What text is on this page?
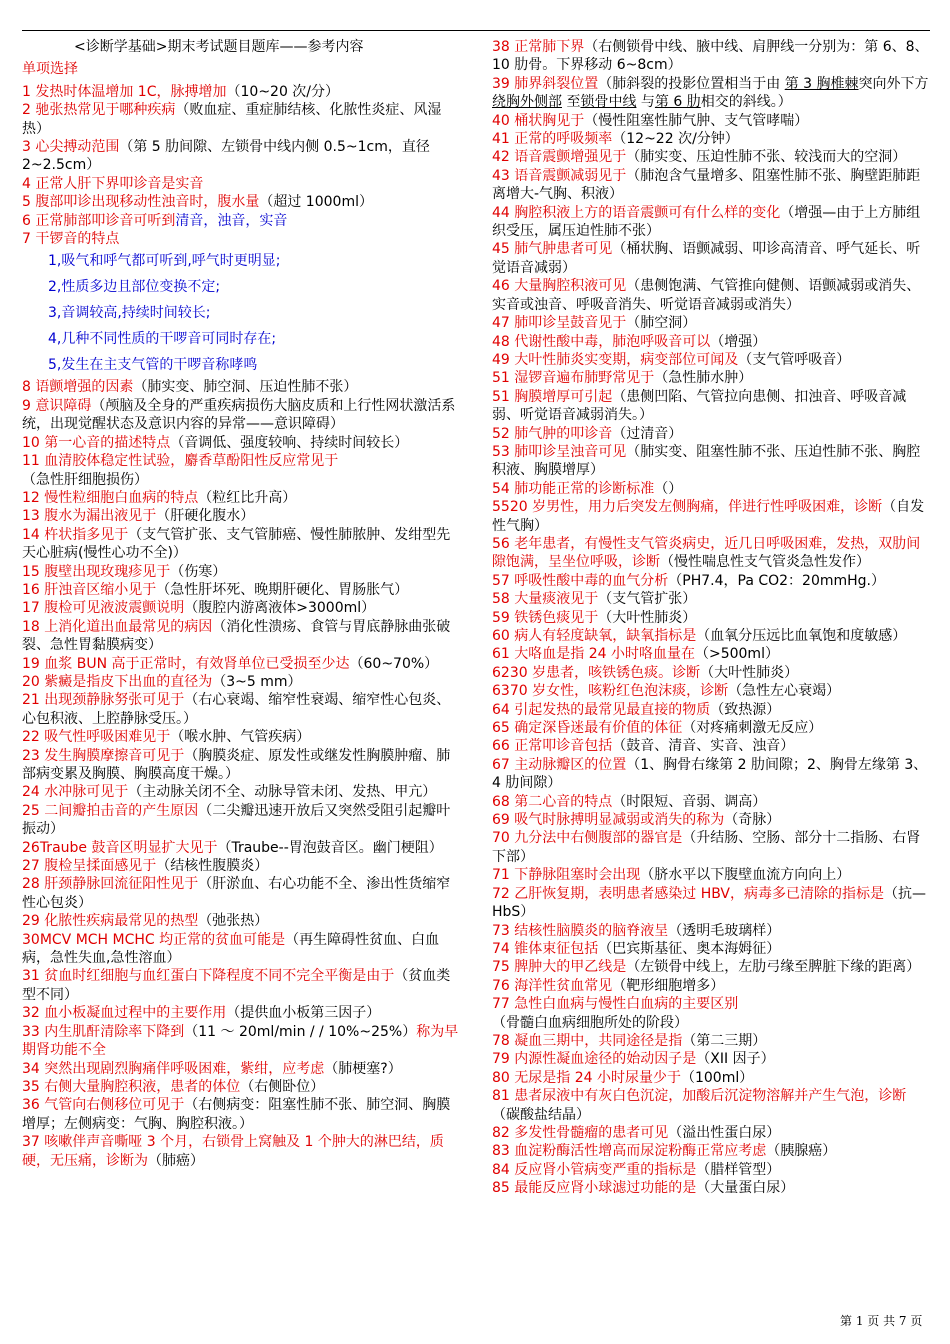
<诊断学基础>期末考试题目题库——参考内容
单项选择
1 发热时体温增加 1C，脉搏增加（10~20 次/分）
2 驰张热常见于哪种疾病（败血症、重症肺结核、化脓性炎症、风湿热）
3 心尖搏动范围（第 5 肋间隙、左锁骨中线内侧 0.5~1cm，直径 2~2.5cm）
4 正常人肝下界叩诊音是实音
5 腹部叩诊出现移动性浊音时，腹水量（超过 1000ml）
6 正常肺部叩诊音可听到清音，浊音，实音
7 干锣音的特点
1,吸气和呼气都可听到,呼气时更明显;
2,性质多边且部位变换不定;
3,音调较高,持续时间较长;
4,几种不同性质的干啰音可同时存在;
5,发生在主支气管的干啰音称哮鸣
8 语颤增强的因素（肺实变、肺空洞、压迫性肺不张）
9 意识障碍（颅脑及全身的严重疾病损伤大脑皮质和上行性网状激活系统，出现觉醒状态及意识内容的异常——意识障碍）
10 第一心音的描述特点（音调低、强度较响、持续时间较长）
11 血清胶体稳定性试验，麝香草酚阳性反应常见于（急性肝细胞损伤）
12 慢性粒细胞白血病的特点（粒红比升高）
13 腹水为漏出液见于（肝硬化腹水）
14 杵状指多见于（支气管扩张、支气管肺癌、慢性肺脓肿、发绀型先天心脏病(慢性心功不全)）
15 腹壁出现玫瑰疹见于（伤寒）
16 肝浊音区缩小见于（急性肝坏死、晚期肝硬化、胃肠胀气）
17 腹检可见液波震颤说明（腹腔内游离液体>3000ml）
18 上消化道出血最常见的病因（消化性溃疡、食管与胃底静脉曲张破裂、急性胃黏膜病变）
19 血浆 BUN 高于正常时，有效肾单位已受损至少达（60~70%）
20 紫癜是指皮下出血的直径为（3~5 mm）
21 出现颈静脉努张可见于（右心衰竭、缩窄性衰竭、缩窄性心包炎、心包积液、上腔静脉受压。）
22 吸气性呼吸困难见于（喉水肿、气管疾病）
23 发生胸膜摩擦音可见于（胸膜炎症、原发性或继发性胸膜肿瘤、肺部病变累及胸膜、胸膜高度干燥。）
24 水冲脉可见于（主动脉关闭不全、动脉导管未闭、发热、甲亢）
25 二间瓣拍击音的产生原因（二尖瓣迅速开放后又突然受阻引起瓣叶振动）
26Traube 鼓音区明显扩大见于（Traube--胃泡鼓音区。幽门梗阻）
27 腹检呈揉面感见于（结核性腹膜炎）
28 肝颈静脉回流征阳性见于（肝淤血、右心功能不全、渗出性货缩窄性心包炎）
29 化脓性疾病最常见的热型（弛张热）
30MCV MCH MCHC 均正常的贫血可能是（再生障碍性贫血、白血病，急性失血,急性溶血）
31 贫血时红细胞与血红蛋白下降程度不同不完全平衡是由于（贫血类型不同）
32 血小板凝血过程中的主要作用（提供血小板第三因子）
33 内生肌酐清除率下降到（11 ～ 20ml/min / / 10%~25%）称为早期肾功能不全
34 突然出现剧烈胸痛伴呼吸困难，紫绀，应考虑（肺梗塞?）
35 右侧大量胸腔积液，患者的体位（右侧卧位）
36 气管向右侧移位可见于（右侧病变：阻塞性肺不张、肺空洞、胸膜增厚；左侧病变：气胸、胸腔积液。）
37 咳嗽伴声音嘶哑 3 个月，右锁骨上窝触及 1 个肿大的淋巴结，质硬，无压痛，诊断为（肺癌）
38 正常肺下界（右侧锁骨中线、腋中线、肩胛线一分别为：第 6、8、10 肋骨。下界移动 6~8cm）
39 肺界斜裂位置（肺斜裂的投影位置相当于由 第 3 胸椎棘突向外下方 绕胸外侧部 至锁骨中线 与第 6 肋相交的斜线。）
40 桶状胸见于（慢性阻塞性肺气肿、支气管哮喘）
41 正常的呼吸频率（12~22 次/分钟）
42 语音震颤增强见于（肺实变、压迫性肺不张、较浅而大的空洞）
43 语音震颤减弱见于（肺泡含气量增多、阻塞性肺不张、胸壁距肺距离增大-气胸、积液）
44 胸腔积液上方的语音震颤可有什么样的变化（增强—由于上方肺组织受压，属压迫性肺不张）
45 肺气肿患者可见（桶状胸、语颤减弱、叩诊高清音、呼气延长、听觉语音减弱）
46 大量胸腔积液可见（患侧饱满、气管推向健侧、语颤减弱或消失、实音或浊音、呼吸音消失、听觉语音减弱或消失）
47 肺叩诊呈鼓音见于（肺空洞）
48 代谢性酸中毒，肺泡呼吸音可以（增强）
49 大叶性肺炎实变期，病变部位可闻及（支气管呼吸音）
51 湿锣音遍布肺野常见于（急性肺水肿）
51 胸膜增厚可引起（患侧凹陷、气管拉向患侧、扣浊音、呼吸音减弱、听觉语音减弱消失。）
52 肺气肿的叩诊音（过清音）
53 肺叩诊呈浊音可见（肺实变、阻塞性肺不张、压迫性肺不张、胸腔积液、胸膜增厚）
54 肺功能正常的诊断标准（）
5520 岁男性，用力后突发左侧胸痛，伴进行性呼吸困难，诊断（自发性气胸）
56 老年患者，有慢性支气管炎病史，近几日呼吸困难，发热，双肋间隙饱满，呈坐位呼吸，诊断（慢性喘息性支气管炎急性发作）
57 呼吸性酸中毒的血气分析（PH7.4，Pa CO2：20mmHg.）
58 大量痰液见于（支气管扩张）
59 铁锈色痰见于（大叶性肺炎）
60 病人有轻度缺氧，缺氧指标是（血氧分压远比血氧饱和度敏感）
61 大咯血是指 24 小时咯血量在（>500ml）
6230 岁患者，咳铁锈色痰。诊断（大叶性肺炎）
6370 岁女性，咳粉红色泡沫痰，诊断（急性左心衰竭）
64 引起发热的最常见最直接的物质（致热源）
65 确定深昏迷最有价值的体征（对疼痛刺激无反应）
66 正常叩诊音包括（鼓音、清音、实音、浊音）
67 主动脉瓣区的位置（1、胸骨右缘第 2 肋间隙；2、胸骨左缘第 3、4 肋间隙）
68 第二心音的特点（时限短、音弱、调高）
69 吸气时脉搏明显减弱或消失的称为（奇脉）
70 九分法中右侧腹部的器官是（升结肠、空肠、部分十二指肠、右肾下部）
71 下静脉阻塞时会出现（脐水平以下腹壁血流方向向上）
72 乙肝恢复期，表明患者感染过 HBV，病毒多已清除的指标是（抗—HbS）
73 结核性脑膜炎的脑脊液呈（透明毛玻璃样）
74 锥体束征包括（巴宾斯基征、奥本海姆征）
75 脾肿大的甲乙线是（左锁骨中线上，左肋弓缘至脾脏下缘的距离）
76 海洋性贫血常见（靶形细胞增多）
77 急性白血病与慢性白血病的主要区别（骨髓白血病细胞所处的阶段）
78 凝血三期中，共同途径是指（第二三期）
79 内源性凝血途径的始动因子是（XII 因子）
80 无尿是指 24 小时尿量少于（100ml）
81 患者尿液中有灰白色沉淀，加酸后沉淀物溶解并产生气泡，诊断（碳酸盐结晶）
82 多发性骨髓瘤的患者可见（溢出性蛋白尿）
83 血淀粉酶活性增高而尿淀粉酶正常应考虑（胰腺癌）
84 反应肾小管病变严重的指标是（腊样管型）
85 最能反应肾小球滤过功能的是（大量蛋白尿）
第 1 页 共 7 页
